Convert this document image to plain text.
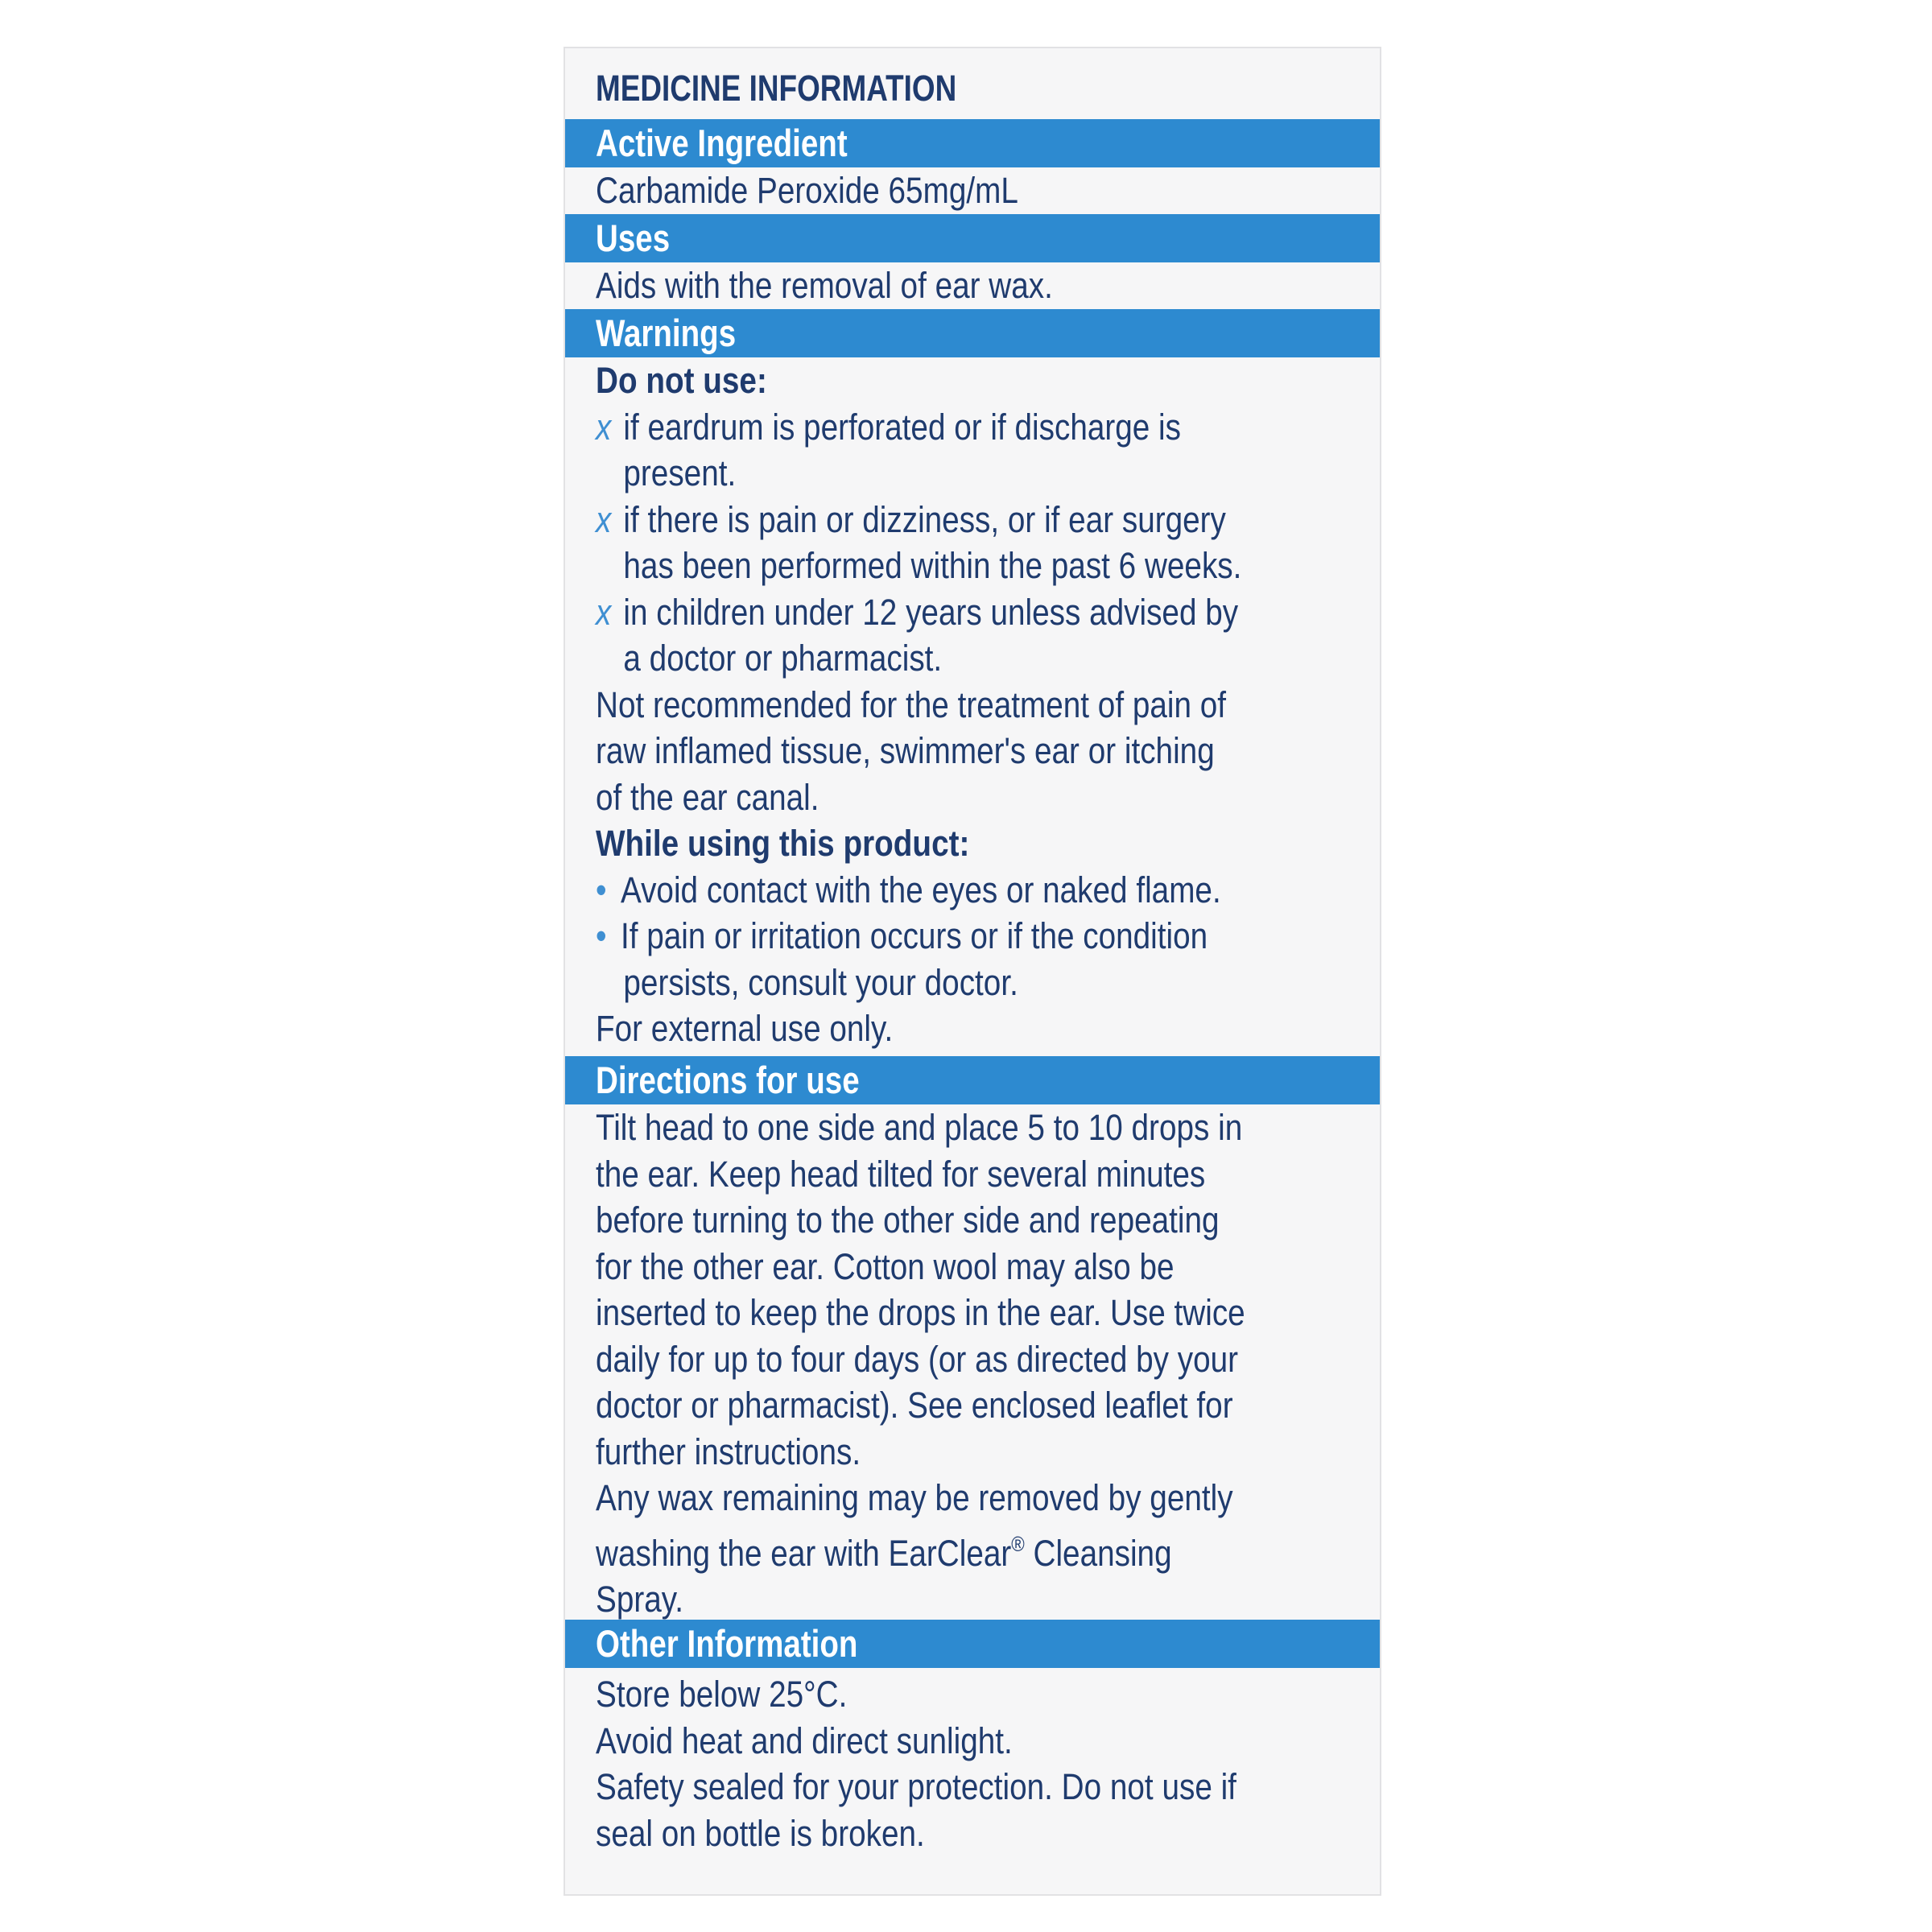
MEDICINE INFORMATION
Active Ingredient
Carbamide Peroxide 65mg/mL
Uses
Aids with the removal of ear wax.
Warnings
Do not use:
x if eardrum is perforated or if discharge is
present.
x if there is pain or dizziness, or if ear surgery
has been performed within the past 6 weeks.
x in children under 12 years unless advised by
a doctor or pharmacist.
Not recommended for the treatment of pain of
raw inflamed tissue, swimmer's ear or itching
of the ear canal.
While using this product:
• Avoid contact with the eyes or naked flame.
• If pain or irritation occurs or if the condition
persists, consult your doctor.
For external use only.
Directions for use
Tilt head to one side and place 5 to 10 drops in
the ear. Keep head tilted for several minutes
before turning to the other side and repeating
for the other ear. Cotton wool may also be
inserted to keep the drops in the ear. Use twice
daily for up to four days (or as directed by your
doctor or pharmacist). See enclosed leaflet for
further instructions.
Any wax remaining may be removed by gently
washing the ear with EarClear® Cleansing
Spray.
Other Information
Store below 25°C.
Avoid heat and direct sunlight.
Safety sealed for your protection. Do not use if
seal on bottle is broken.
